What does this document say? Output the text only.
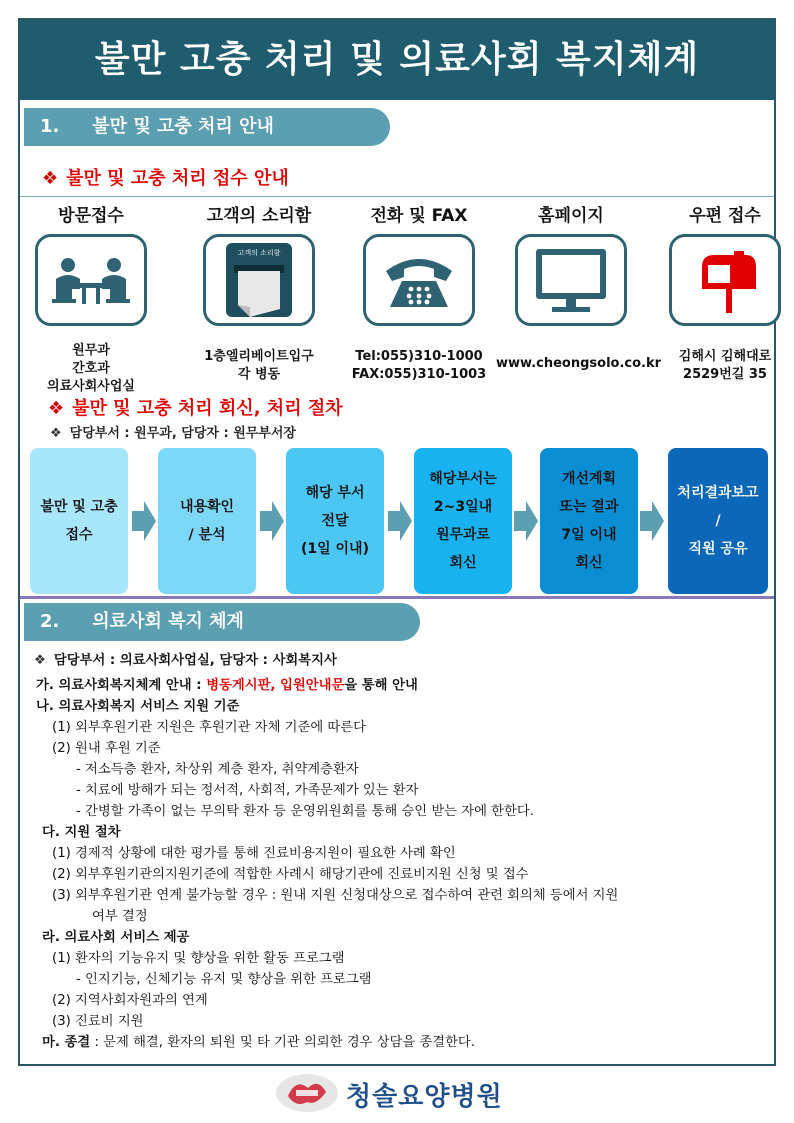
불만 고충 처리 및 의료사회 복지체계
1. 불만 및 고충 처리 안내
❖ 불만 및 고충 처리 접수 안내
방문접수
원무과
간호과
의료사회사업실
고객의 소리함
고객의 소리함
1층엘리베이트입구
각 병동
전화 및 FAX
Tel:055)310-1000
FAX:055)310-1003
홈페이지
www.cheongsolo.co.kr
우편 접수
김해시 김해대로
2529번길 35
❖ 불만 및 고충 처리 회신, 처리 절차
❖ 담당부서 : 원무과, 담당자 : 원무부서장
불만 및 고충
접수
내용확인
/ 분석
해당 부서
전달
(1일 이내)
해당부서는
2~3일내
원무과로
회신
개선계획
또는 결과
7일 이내
회신
처리결과보고
/
직원 공유
2. 의료사회 복지 체계
❖ 담당부서 : 의료사회사업실, 담당자 : 사회복지사
가. 의료사회복지체계 안내 : 병동게시판, 입원안내문을 통해 안내
나. 의료사회복지 서비스 지원 기준
(1) 외부후원기관 지원은 후원기관 자체 기준에 따른다
(2) 원내 후원 기준
- 저소득층 환자, 차상위 계층 환자, 취약계층환자
- 치료에 방해가 되는 정서적, 사회적, 가족문제가 있는 환자
- 간병할 가족이 없는 무의탁 환자 등 운영위원회를 통해 승인 받는 자에 한한다.
다. 지원 절차
(1) 경제적 상황에 대한 평가를 통해 진료비용지원이 필요한 사례 확인
(2) 외부후원기관의지원기준에 적합한 사례시 해당기관에 진료비지원 신청 및 접수
(3) 외부후원기관 연계 불가능할 경우 : 원내 지원 신청대상으로 접수하여 관련 회의체 등에서 지원
여부 결정
라. 의료사회 서비스 제공
(1) 환자의 기능유지 및 향상을 위한 활동 프로그램
- 인지기능, 신체기능 유지 및 향상을 위한 프로그램
(2) 지역사회자원과의 연계
(3) 진료비 지원
마. 종결 : 문제 해결, 환자의 퇴원 및 타 기관 의뢰한 경우 상담을 종결한다.
청솔요양병원
